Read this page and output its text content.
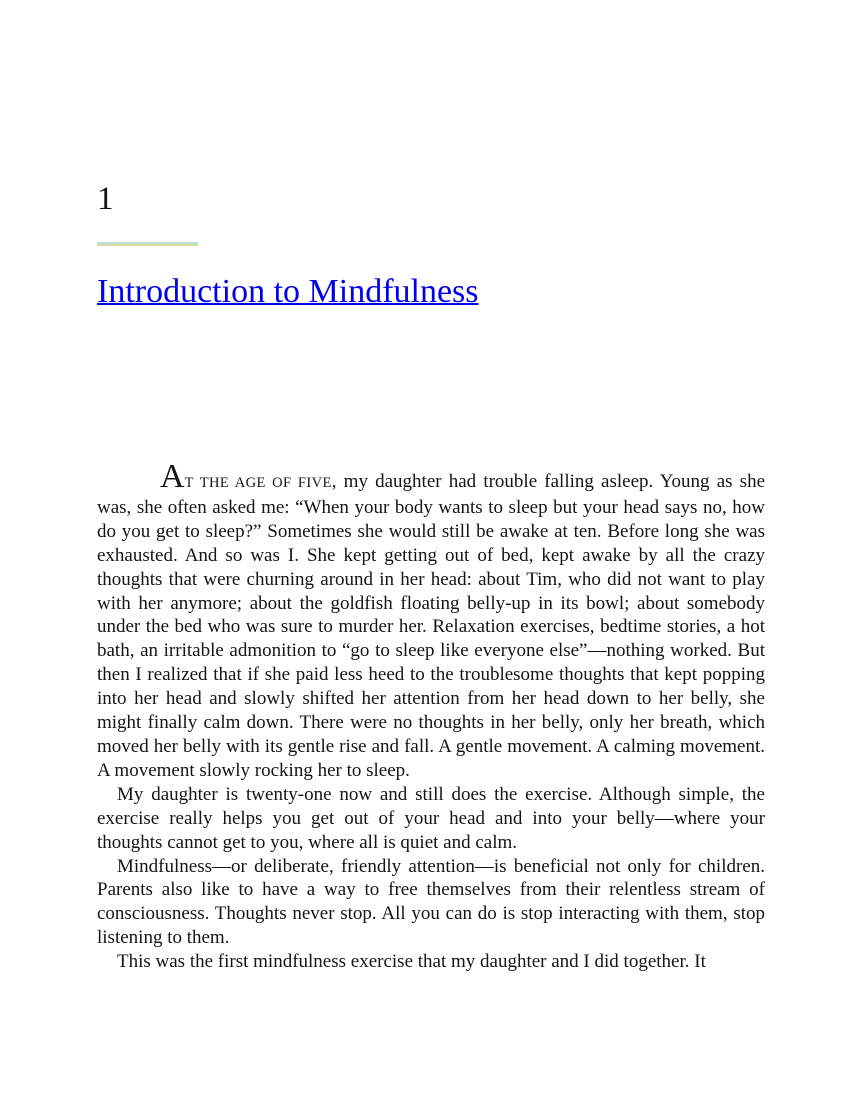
1
Introduction to Mindfulness

AT THE AGE OF FIVE, my daughter had trouble falling asleep. Young as she was, she often asked me: “When your body wants to sleep but your head says no, how do you get to sleep?” Sometimes she would still be awake at ten. Before long she was exhausted. And so was I. She kept getting out of bed, kept awake by all the crazy thoughts that were churning around in her head: about Tim, who did not want to play with her anymore; about the goldfish floating belly-up in its bowl; about somebody under the bed who was sure to murder her. Relaxation exercises, bedtime stories, a hot bath, an irritable admonition to “go to sleep like everyone else”—nothing worked. But then I realized that if she paid less heed to the troublesome thoughts that kept popping into her head and slowly shifted her attention from her head down to her belly, she might finally calm down. There were no thoughts in her belly, only her breath, which moved her belly with its gentle rise and fall. A gentle movement. A calming movement. A movement slowly rocking her to sleep.

My daughter is twenty-one now and still does the exercise. Although simple, the exercise really helps you get out of your head and into your belly—where your thoughts cannot get to you, where all is quiet and calm.

Mindfulness—or deliberate, friendly attention—is beneficial not only for children. Parents also like to have a way to free themselves from their relentless stream of consciousness. Thoughts never stop. All you can do is stop interacting with them, stop listening to them.

This was the first mindfulness exercise that my daughter and I did together. It
